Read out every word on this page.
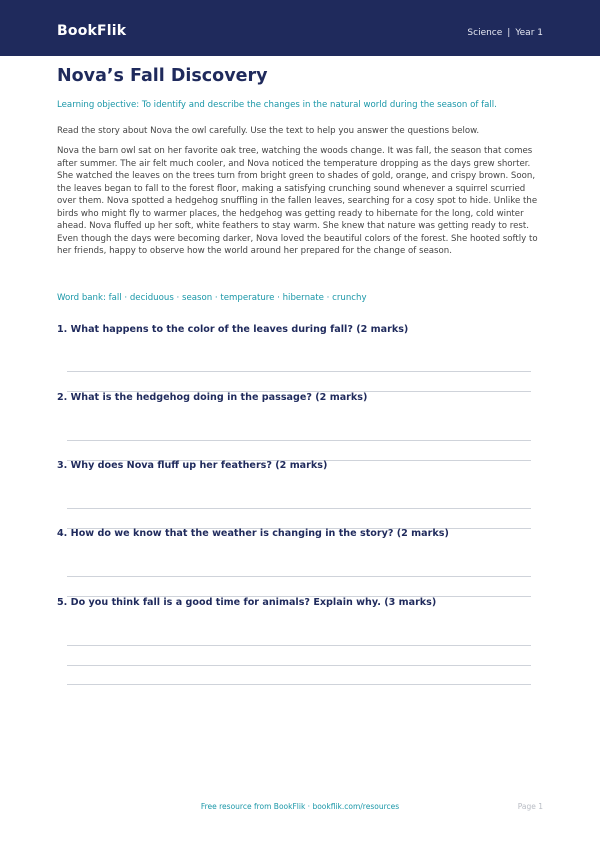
BookFlik	Science | Year 1
Nova’s Fall Discovery
Learning objective: To identify and describe the changes in the natural world during the season of fall.
Read the story about Nova the owl carefully. Use the text to help you answer the questions below.

Nova the barn owl sat on her favorite oak tree, watching the woods change. It was fall, the season that comes after summer. The air felt much cooler, and Nova noticed the temperature dropping as the days grew shorter. She watched the leaves on the trees turn from bright green to shades of gold, orange, and crispy brown. Soon, the leaves began to fall to the forest floor, making a satisfying crunching sound whenever a squirrel scurried over them. Nova spotted a hedgehog snuffling in the fallen leaves, searching for a cosy spot to hide. Unlike the birds who might fly to warmer places, the hedgehog was getting ready to hibernate for the long, cold winter ahead. Nova fluffed up her soft, white feathers to stay warm. She knew that nature was getting ready to rest. Even though the days were becoming darker, Nova loved the beautiful colors of the forest. She hooted softly to her friends, happy to observe how the world around her prepared for the change of season.

Word bank: fall · deciduous · season · temperature · hibernate · crunchy
1. What happens to the color of the leaves during fall? (2 marks)
2. What is the hedgehog doing in the passage? (2 marks)
3. Why does Nova fluff up her feathers? (2 marks)
4. How do we know that the weather is changing in the story? (2 marks)
5. Do you think fall is a good time for animals? Explain why. (3 marks)
Free resource from BookFlik · bookflik.com/resources	Page 1
